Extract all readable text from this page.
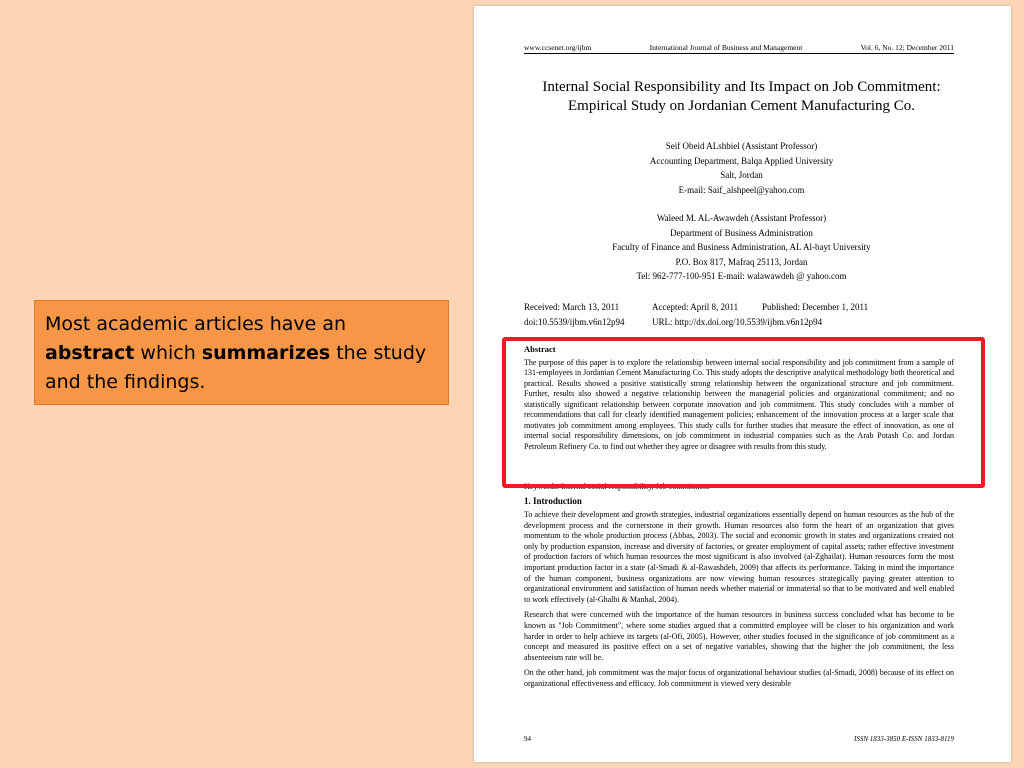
Most academic articles have an
abstract which summarizes the study and the findings.
www.ccsenet.org/ijbm	International Journal of Business and Management	Vol. 6, No. 12; December 2011
Internal Social Responsibility and Its Impact on Job Commitment:
Empirical Study on Jordanian Cement Manufacturing Co.
Seif Obeid ALshbiel (Assistant Professor)
Accounting Department, Balqa Applied University
Salt, Jordan
E-mail: Saif_alshpeel@yahoo.com
Waleed M. AL-Awawdeh (Assistant Professor)
Department of Business Administration
Faculty of Finance and Business Administration, AL Al-bayt University
P.O. Box 817, Mafraq 25113, Jordan
Tel: 962-777-100-951 E-mail: walawawdeh @ yahoo.com
Received: March 13, 2011	Accepted: April 8, 2011	Published: December 1, 2011
doi:10.5539/ijbm.v6n12p94	URL: http://dx.doi.org/10.5539/ijbm.v6n12p94
Abstract
The purpose of this paper is to explore the relationship between internal social responsibility and job commitment from a sample of 131-employees in Jordanian Cement Manufacturing Co. This study adopts the descriptive analytical methodology both theoretical and practical. Results showed a positive statistically strong relationship between the organizational structure and job commitment. Further, results also showed a negative relationship between the managerial policies and organizational commitment; and no statistically significant relationship between corporate innovation and job commitment. This study concludes with a number of recommendations that call for clearly identified management policies; enhancement of the innovation process at a larger scale that motivates job commitment among employees. This study calls for further studies that measure the effect of innovation, as one of internal social responsibility dimensions, on job commitment in industrial companies such as the Arab Potash Co. and Jordan Petroleum Refinery Co. to find out whether they agree or disagree with results from this study.
Keywords: Internal social responsibility, Job commitment
1. Introduction

To achieve their development and growth strategies, industrial organizations essentially depend on human resources as the hub of the development process and the cornerstone in their growth. Human resources also form the heart of an organization that gives momentum to the whole production process (Abbas, 2003). The social and economic growth in states and organizations created not only by production expansion, increase and diversity of factories, or greater employment of capital assets; rather effective investment of production factors of which human resources the most significant is also involved (al-Zghailat). Human resources form the most important production factor in a state (al-Smadi & al-Rawashdeh, 2009) that affects its performance. Taking in mind the importance of the human component, business organizations are now viewing human resources strategically paying greater attention to organizational environment and satisfaction of human needs whether material or immaterial so that to be motivated and well enabled to work effectively (al-Ghalbi & Manhal, 2004).

Research that were concerned with the importance of the human resources in business success concluded what has become to be known as "Job Commitment", where some studies argued that a committed employee will be closer to his organization and work harder in order to help achieve its targets (al-Ofi, 2005). However, other studies focused in the significance of job commitment as a concept and measured its positive effect on a set of negative variables, showing that the higher the job commitment, the less absenteeism rate will be.

On the other hand, job commitment was the major focus of organizational behaviour studies (al-Smadi, 2008) because of its effect on organizational effectiveness and efficacy. Job commitment is viewed very desirable

94	ISSN 1833-3850 E-ISSN 1833-8119
